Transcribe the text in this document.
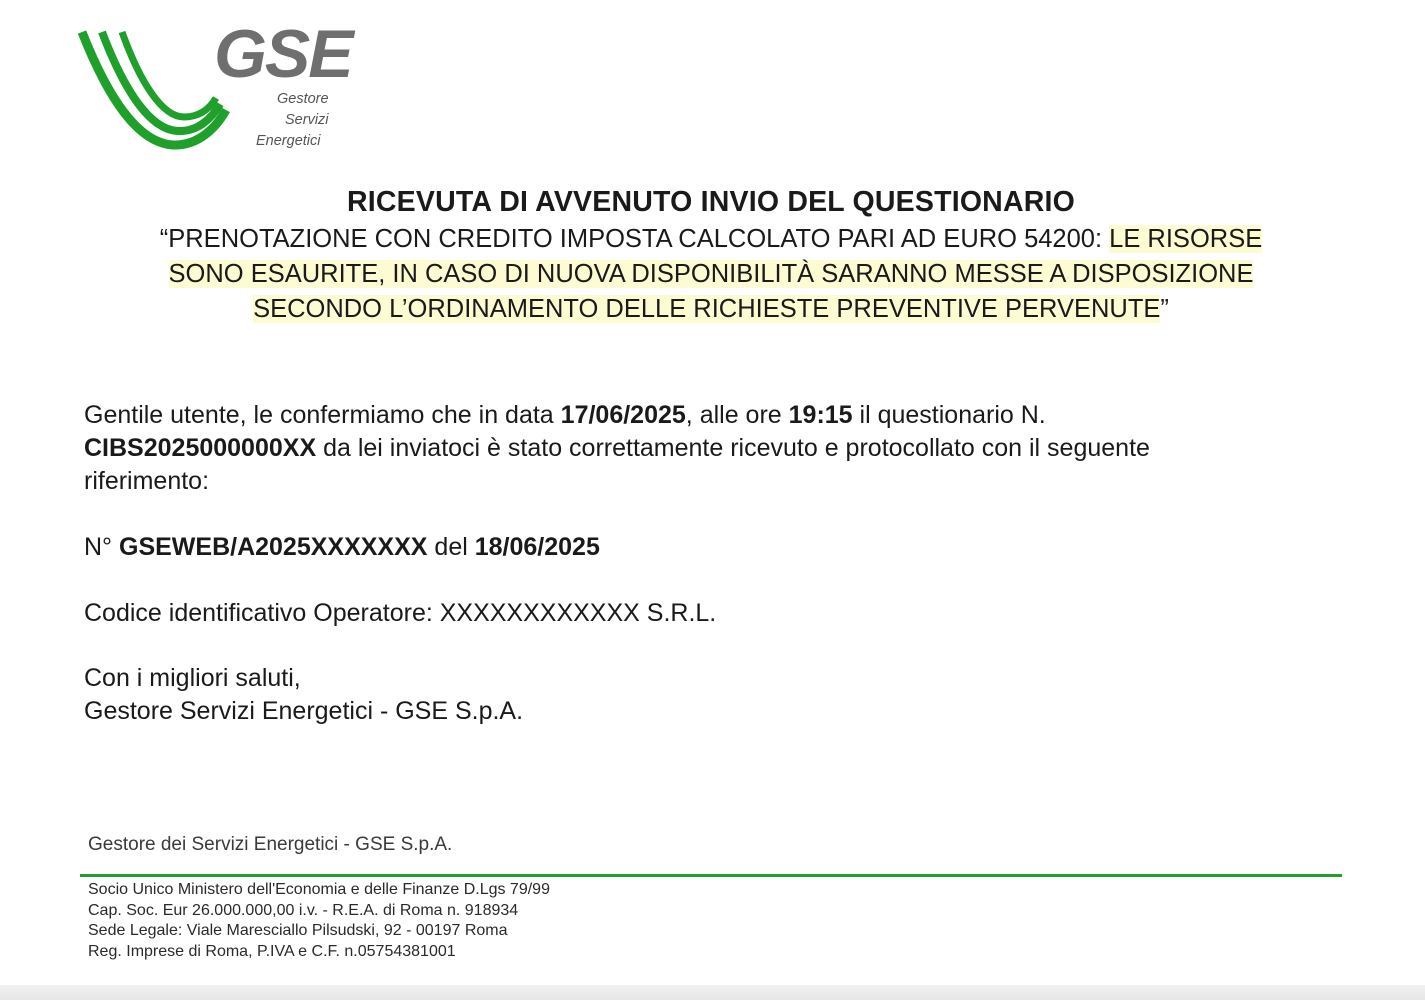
GSE
Gestore
Servizi
Energetici
RICEVUTA DI AVVENUTO INVIO DEL QUESTIONARIO
“PRENOTAZIONE CON CREDITO IMPOSTA CALCOLATO PARI AD EURO 54200: LE RISORSE
SONO ESAURITE, IN CASO DI NUOVA DISPONIBILITÀ SARANNO MESSE A DISPOSIZIONE
SECONDO L’ORDINAMENTO DELLE RICHIESTE PREVENTIVE PERVENUTE”
Gentile utente, le confermiamo che in data 17/06/2025, alle ore 19:15 il questionario N.
CIBS2025000000XX da lei inviatoci è stato correttamente ricevuto e protocollato con il seguente
riferimento:
N° GSEWEB/A2025XXXXXXX del 18/06/2025
Codice identificativo Operatore: XXXXXXXXXXXX S.R.L.
Con i migliori saluti,
Gestore Servizi Energetici - GSE S.p.A.
Gestore dei Servizi Energetici - GSE S.p.A.
Socio Unico Ministero dell'Economia e delle Finanze D.Lgs 79/99
Cap. Soc. Eur 26.000.000,00 i.v. - R.E.A. di Roma n. 918934
Sede Legale: Viale Maresciallo Pilsudski, 92 - 00197 Roma
Reg. Imprese di Roma, P.IVA e C.F. n.05754381001
